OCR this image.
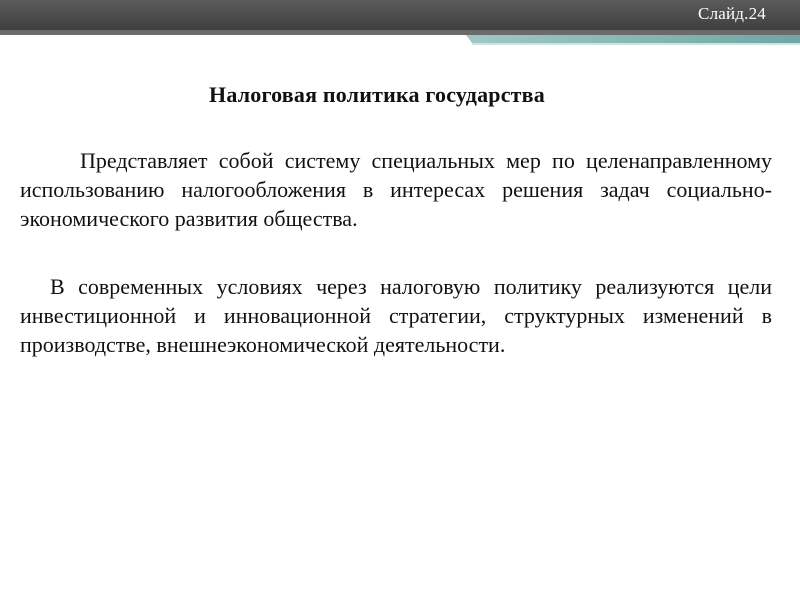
Слайд.24
Налоговая политика государства

Представляет собой систему специальных мер по целенаправленному использованию налогообложения в интересах решения задач социально-экономического развития общества.

В современных условиях через налоговую политику реализуются цели инвестиционной и инновационной стратегии, структурных изменений в производстве, внешнеэкономической деятельности.
